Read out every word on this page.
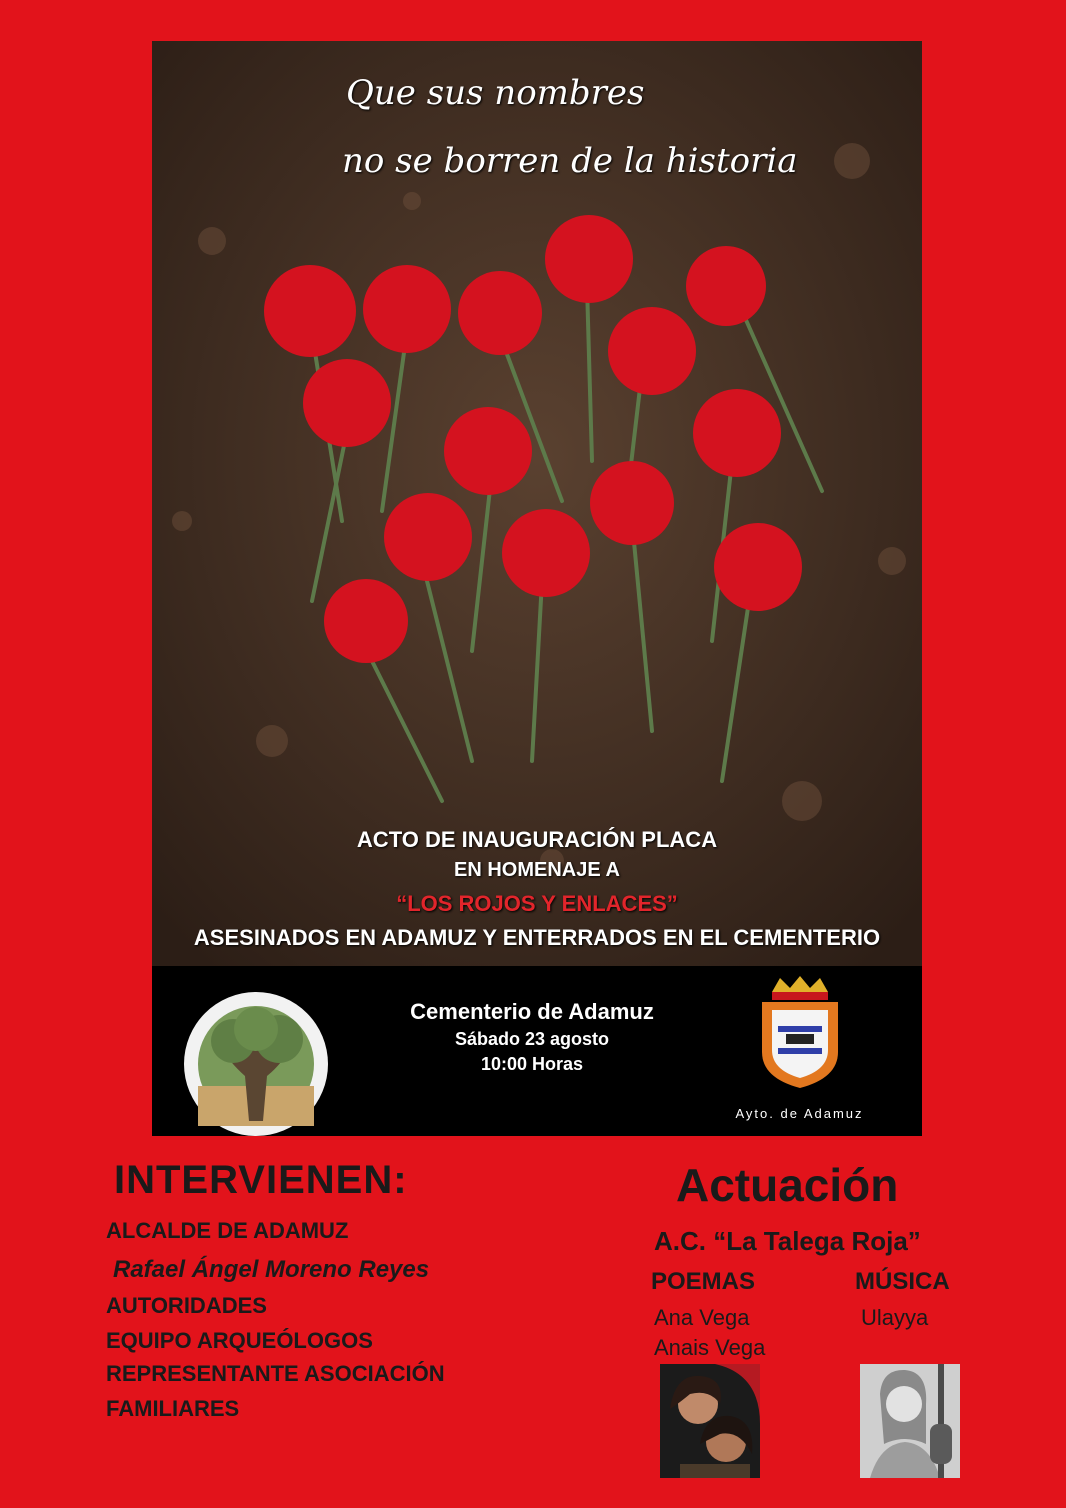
Que sus nombres
no se borren de la historia
ACTO DE INAUGURACIÓN PLACA
EN HOMENAJE A
“LOS ROJOS Y ENLACES”
ASESINADOS EN ADAMUZ Y ENTERRADOS EN EL CEMENTERIO
Cementerio de Adamuz
Sábado 23 agosto
10:00 Horas
Ayto. de Adamuz
INTERVIENEN:
ALCALDE DE ADAMUZ
Rafael Ángel Moreno Reyes
AUTORIDADES
EQUIPO ARQUEÓLOGOS
REPRESENTANTE ASOCIACIÓN
FAMILIARES
Actuación
A.C. “La Talega Roja”
POEMAS	MÚSICA
Ana Vega
Anais Vega
Ulayya
